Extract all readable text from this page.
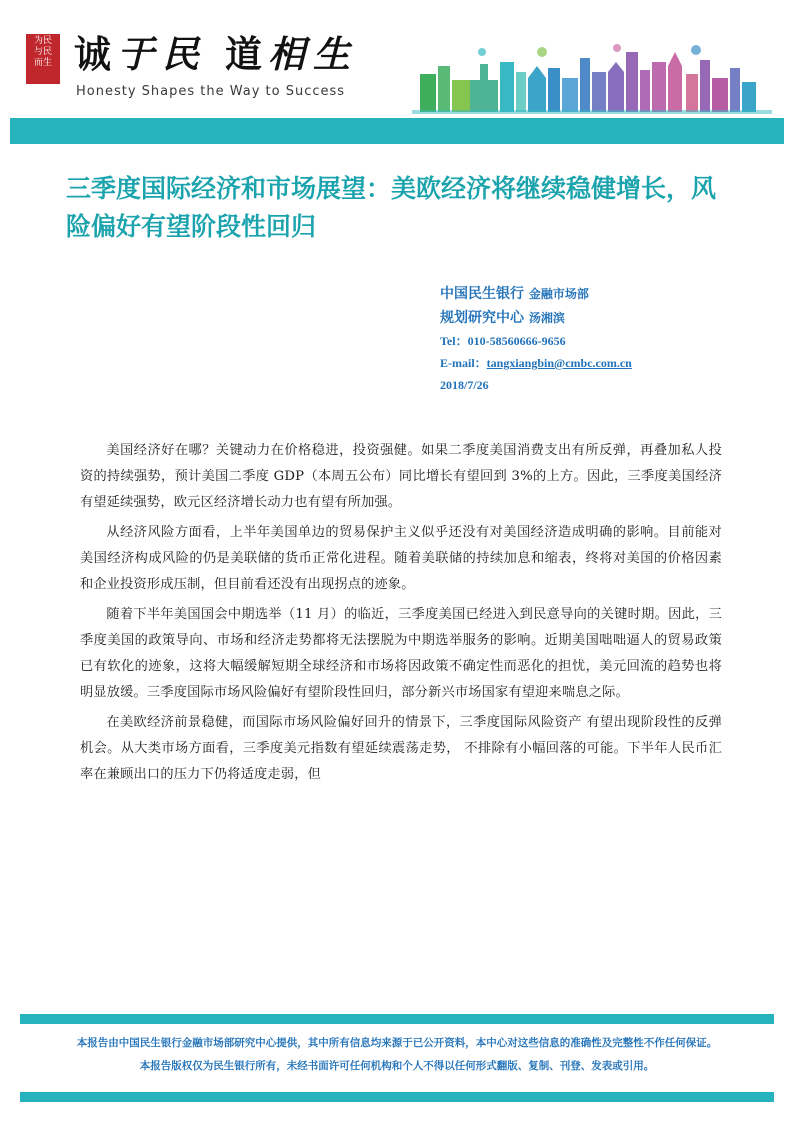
为民
与民
而生 诚于民 道相生
Honesty Shapes the Way to Success
三季度国际经济和市场展望：美欧经济将继续稳健增长，风险偏好有望阶段性回归
中国民生银行 金融市场部
规划研究中心 汤湘滨
Tel：010-58560666-9656
E-mail：tangxiangbin@cmbc.com.cn
2018/7/26

美国经济好在哪？关键动力在价格稳进，投资强健。如果二季度美国消费支出有所反弹，再叠加私人投资的持续强势，预计美国二季度 GDP（本周五公布）同比增长有望回到 3%的上方。因此，三季度美国经济有望延续强势，欧元区经济增长动力也有望有所加强。

从经济风险方面看，上半年美国单边的贸易保护主义似乎还没有对美国经济造成明确的影响。目前能对美国经济构成风险的仍是美联储的货币正常化进程。随着美联储的持续加息和缩表，终将对美国的价格因素和企业投资形成压制，但目前看还没有出现拐点的迹象。

随着下半年美国国会中期选举（11 月）的临近，三季度美国已经进入到民意导向的关键时期。因此，三季度美国的政策导向、市场和经济走势都将无法摆脱为中期选举服务的影响。近期美国咄咄逼人的贸易政策已有软化的迹象，这将大幅缓解短期全球经济和市场将因政策不确定性而恶化的担忧，美元回流的趋势也将明显放缓。三季度国际市场风险偏好有望阶段性回归，部分新兴市场国家有望迎来喘息之际。

在美欧经济前景稳健，而国际市场风险偏好回升的情景下，三季度国际风险资产 有望出现阶段性的反弹机会。从大类市场方面看，三季度美元指数有望延续震荡走势， 不排除有小幅回落的可能。下半年人民币汇率在兼顾出口的压力下仍将适度走弱，但

本报告由中国民生银行金融市场部研究中心提供，其中所有信息均来源于已公开资料，本中心对这些信息的准确性及完整性不作任何保证。

本报告版权仅为民生银行所有，未经书面许可任何机构和个人不得以任何形式翻版、复制、刊登、发表或引用。
